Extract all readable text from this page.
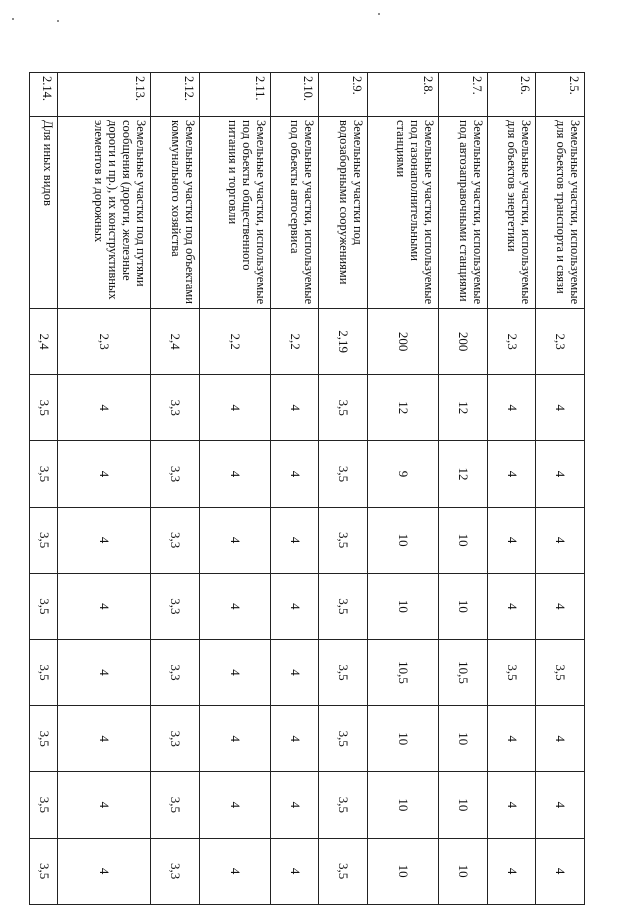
2.5.	Земельные участки, используемые для объектов транспорта и связи	2,3	4	4	4	4	3,5	4	4	4
2.6.	Земельные участки, используемые для объектов энергетики	2,3	4	4	4	4	3,5	4	4	4
2.7.	Земельные участки, используемые под автозаправочными станциями	200	12	12	10	10	10,5	10	10	10
2.8.	Земельные участки, используемые под газонаполнительными станциями	200	12	9	10	10	10,5	10	10	10
2.9.	Земельные участки под водозаборными сооружениями	2,19	3,5	3,5	3,5	3,5	3,5	3,5	3,5	3,5
2.10.	Земельные участки, используемые под объекты автосервиса	2,2	4	4	4	4	4	4	4	4
2.11.	Земельные участки, используемые под объекты общественного питания и торговли	2,2	4	4	4	4	4	4	4	4
2.12.	Земельные участки под объектами коммунального хозяйства	2,4	3,3	3,3	3,3	3,3	3,3	3,3	3,5	3,3
2.13.	Земельные участки под путями сообщения (дороги, железные дороги и пр.), их конструктивных элементов и дорожных	2,3	4	4	4	4	4	4	4	4
2.14.	Для иных видов	2,4	3,5	3,5	3,5	3,5	3,5	3,5	3,5	3,5
